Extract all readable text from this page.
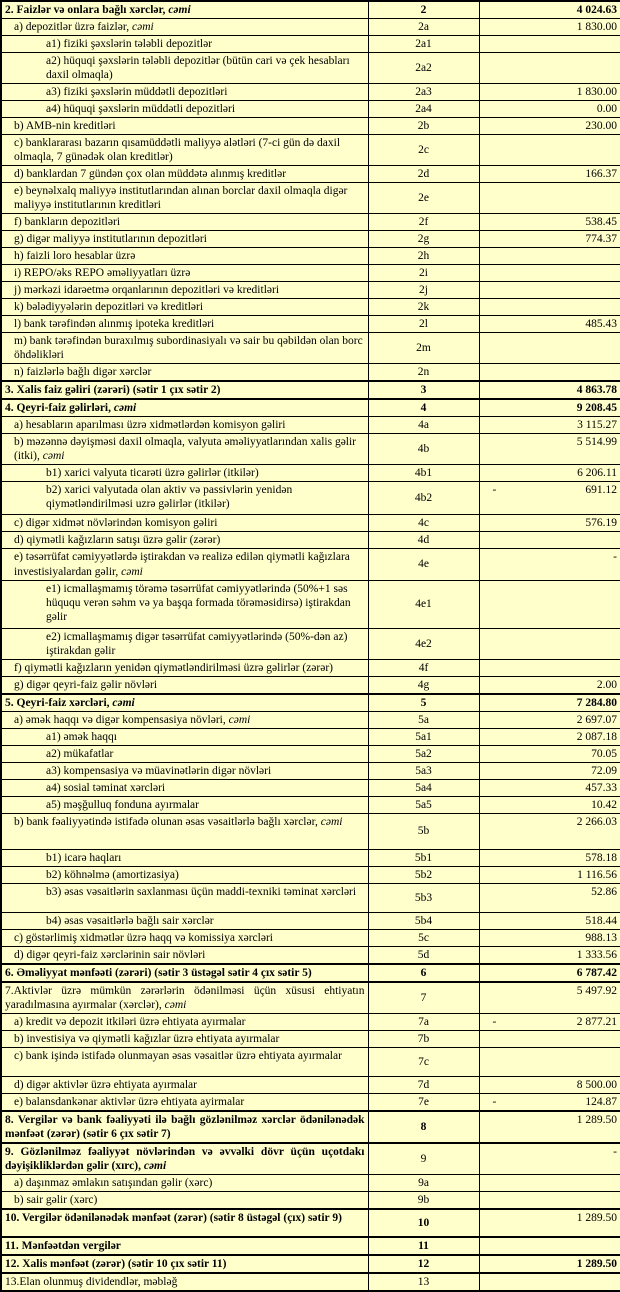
2. Faizlər və onlara bağlı xərclər, cəmi	2	4 024.63
a) depozitlər üzrə faizlər, cəmi	2a	1 830.00
a1) fiziki şəxslərin tələbli depozitlər	2a1	
a2) hüquqi şəxslərin tələbli depozitlər (bütün cari və çek hesabları daxil olmaqla)	2a2	
a3) fiziki şəxslərin müddətli depozitləri	2a3	1 830.00
a4) hüquqi şəxslərin müddətli depozitləri	2a4	0.00
b) AMB-nin kreditləri	2b	230.00
c) banklararası bazarın qısamüddətli maliyyə alətləri (7-ci gün də daxil olmaqla, 7 günədək olan kreditlər)	2c	
d) banklardan 7 gündən çox olan müddətə alınmış kreditlər	2d	166.37
e) beynəlxalq maliyyə institutlarından alınan borclar daxil olmaqla digər maliyyə institutlarının kreditləri	2e	
f) bankların depozitləri	2f	538.45
g) digər maliyyə institutlarının depozitləri	2g	774.37
h) faizli loro hesablar üzrə	2h	
i) REPO/əks REPO əməliyyatları üzrə	2i	
j) mərkəzi idarəetmə orqanlarının depozitləri və kreditləri	2j	
k) bələdiyyələrin depozitləri və kreditləri	2k	
l) bank tərəfindən alınmış ipoteka kreditləri	2l	485.43
m) bank tərəfindən buraxılmış subordinasiyalı və sair bu qəbildən olan borc öhdəlikləri	2m	
n) faizlərlə bağlı digər xərclər	2n	
3. Xalis faiz gəliri (zərəri) (sətir 1 çıx sətir 2)	3	4 863.78
4. Qeyri-faiz gəlirləri, cəmi	4	9 208.45
a) hesabların aparılması üzrə xidmətlərdən komisyon gəliri	4a	3 115.27
b) məzənnə dəyişməsi daxil olmaqla, valyuta əməliyyatlarından xalis gəlir (itki), cəmi	4b	5 514.99
b1) xarici valyuta ticarəti üzrə gəlirlər (itkilər)	4b1	6 206.11
b2) xarici valyutada olan aktiv və passivlərin yenidən qiymətləndirilməsi uzrə gəlirlər (itkilər)	4b2	- 691.12

c) digər xidmət növlərindən komisyon gəliri	4c	576.19
d) qiymətli kağızların satışı üzrə gəlir (zərər)	4d	
e) təsərrüfat cəmiyyətlərdə iştirakdan və realizə edilən qiymətli kağızlara investisiyalardan gəlir, cəmi	4e	-
e1) icmallaşmamış törəmə təsərrüfat cəmiyyətlərində (50%+1 səs hüququ verən səhm və ya başqa formada törəməsidirsə) iştirakdan gəlir	4e1	
e2) icmallaşmamış digər təsərrüfat cəmiyyətlərində (50%-dən az) iştirakdan gəlir	4e2	
f) qiymətli kağızların yenidən qiymətləndirilməsi üzrə gəlirlər (zərər)	4f	
g) digər qeyri-faiz gəlir növləri	4g	2.00
5. Qeyri-faiz xərcləri, cəmi	5	7 284.80
a) əmək haqqı və digər kompensasiya növləri, cəmi	5a	2 697.07
a1) əmək haqqı	5a1	2 087.18
a2) mükafatlar	5a2	70.05
a3) kompensasiya və müavinətlərin digər növləri	5a3	72.09
a4) sosial təminat xərcləri	5a4	457.33
a5) məşğulluq fonduna ayırmalar	5a5	10.42
b) bank fəaliyyətində istifadə olunan əsas vəsaitlərlə bağlı xərclər, cəmi	5b	2 266.03
b1) icarə haqları	5b1	578.18
b2) köhnəlmə (amortizasiya)	5b2	1 116.56
b3) əsas vəsaitlərin saxlanması üçün maddi-texniki təminat xərcləri	5b3	52.86
b4) əsas vəsaitlərlə bağlı sair xərclər	5b4	518.44
c) göstərlimiş xidmətlər üzrə haqq və komissiya xərcləri	5c	988.13
d) digər qeyri-faiz xərclərinin sair növləri	5d	1 333.56
6. Əməliyyat mənfəəti (zərəri) (sətir 3 üstəgəl sətir 4 çıx sətir 5)	6	6 787.42
7.Aktivlər üzrə mümkün zərərlərin ödənilməsi üçün xüsusi ehtiyatın yaradılmasına ayırmalar (xərclər), cəmi	7	5 497.92
a) kredit və depozit itkiləri üzrə ehtiyata ayırmalar	7a	- 2 877.21

b) investisiya və qiymətli kağızlar üzrə ehtiyata ayırmalar	7b	
c) bank işində istifadə olunmayan əsas vəsaitlər üzrə ehtiyata ayırmalar	7c	
d) digər aktivlər üzrə ehtiyata ayırmalar	7d	8 500.00
e) balansdankənar aktivlər üzrə ehtiyata ayirmalar	7e	- 124.87

8. Vergilər və bank fəaliyyəti ilə bağlı gözlənilməz xərclər ödənilənədək mənfəət (zərər) (sətir 6 çıx sətir 7)	8	1 289.50
9. Gözlənilməz fəaliyyət növlərindən və əvvəlki dövr üçün uçotdakı dəyişikliklərdən gəlir (xırc), cəmi	9	-
a) daşınmaz əmlakın satışından gəlir (xərc)	9a	
b) sair gəlir (xərc)	9b	
10. Vergilər ödənilənədək mənfəət (zərər) (sətir 8 üstəgəl (çıx) sətir 9)	10	1 289.50
11. Mənfəətdən vergilər	11	
12. Xalis mənfəət (zərər) (sətir 10 çıx sətir 11)	12	1 289.50
13.Elan olunmuş dividendlər, məbləğ	13	
